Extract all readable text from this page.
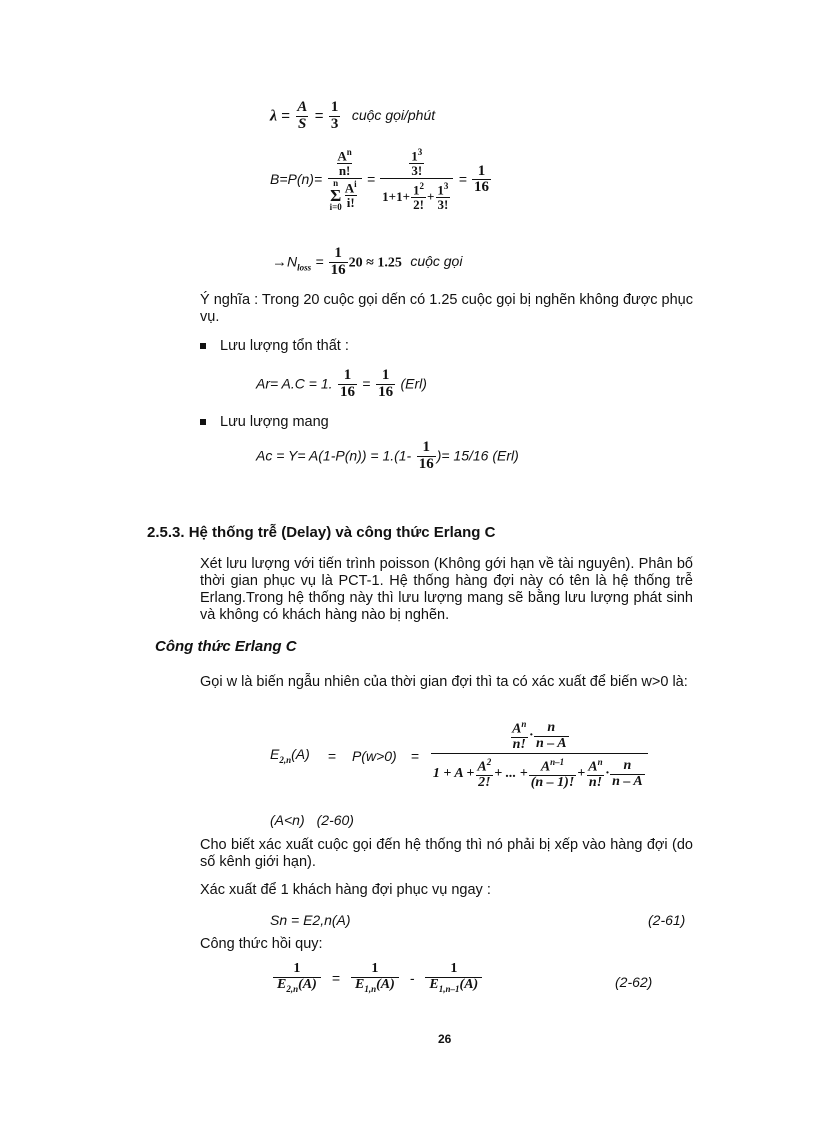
$\lambda = \frac{A}{S} = \frac{1}{3}$ cuộc gọi/phút
$B=P(n)= \frac{A^n}{n!}$
n
Σ
$i=0 \frac{A^i}{i!} = \frac{\frac{1^3}{3!}}{1+1+ \frac{1^2}{2!} + \frac{1^3}{3!}} = \frac{1}{16}$
$\to N_{loss} = \frac{1}{16} 20 \approx 1.25$ cuộc gọi
Ý nghĩa : Trong 20 cuộc gọi dến có 1.25 cuộc gọi bị nghẽn không được phục vụ.
Lưu lượng tổn thất :
Ar= A.C = 1. $\frac{1}{16} = \frac{1}{16} (Erl)$
Lưu lượng mang
$Ac = Y= A(1-P(n)) = 1.(1- \frac{1}{16}$ )= 15/16 (Erl)
2.5.3. Hệ thống trễ (Delay) và công thức Erlang C
Xét lưu lượng với tiến trình poisson (Không gới hạn về tài nguyên). Phân bố thời gian phục vụ là PCT-1. Hệ thống hàng đợi này có tên là hệ thống trễ Erlang.Trong hệ thống này thì lưu lượng mang sẽ bằng lưu lượng phát sinh và không có khách hàng nào bị nghẽn.
Công thức Erlang C
Gọi w là biến ngẫu nhiên của thời gian đợi thì ta có xác xuất để biến w>0 là:
$E_{2,n}(A) = P(w>0)$ =
$\frac{A^n}{n!} \cdot \frac{n}{n - A}$
$1 + A + \frac{A^2}{2!}$ + ... + $\frac{A^{n-1}}{(n - 1)!} + \frac{A^n}{n!} \cdot \frac{n}{n - A}$
(A<n) (2-60)
Cho biết xác xuất cuộc gọi đến hệ thống thì nó phải bị xếp vào hàng đợi (do số kênh giới hạn).
Xác xuất để 1 khách hàng đợi phục vụ ngay :
Sn = E2,n(A)	(2-61)
Công thức hồi quy:
$\frac{1}{E_{2,n}(A)} = \frac{1}{E_{1,n}(A)} - \frac{1}{E_{1,n-1}(A)}$	(2-62)
26
